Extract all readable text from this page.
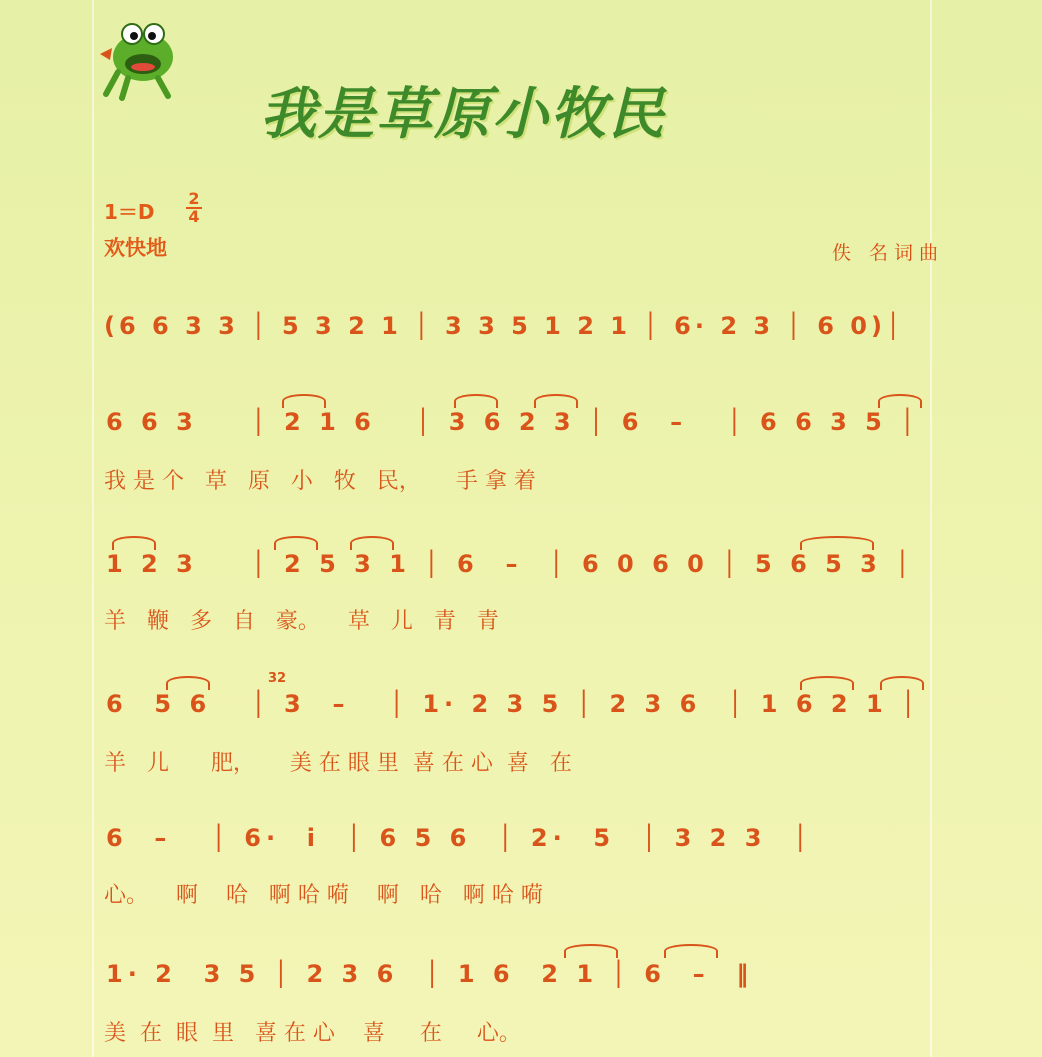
我是草原小牧民
1＝D
2
4
欢快地	佚 名词曲
(6 6 3 3 │ 5 3 2 1 │ 3 3 5 1 2 1 │ 6· 2 3 │ 6 0)│
6 6 3    │ 2 1 6   │ 3 6 2 3 │ 6  –   │ 6 6 3 5 │
我 是 个   草   原   小   牧   民，     手 拿 着
1 2 3    │ 2 5 3 1 │ 6  –  │ 6 0 6 0 │ 5 6 5 3 │
羊   鞭   多   自   豪。    草   儿   青   青
32
6  5 6   │ 3  –   │ 1· 2 3 5 │ 2 3 6  │ 1 6 2 1 │
羊   儿      肥，     美 在 眼 里  喜 在 心  喜   在
6  –   │ 6·  i  │ 6 5 6  │ 2·  5  │ 3 2 3  │
心。    啊    哈   啊 哈 嗬    啊   哈   啊 哈 嗬
1· 2  3 5 │ 2 3 6  │ 1 6  2 1 │ 6  –  ‖
美  在  眼  里   喜 在 心    喜     在     心。
